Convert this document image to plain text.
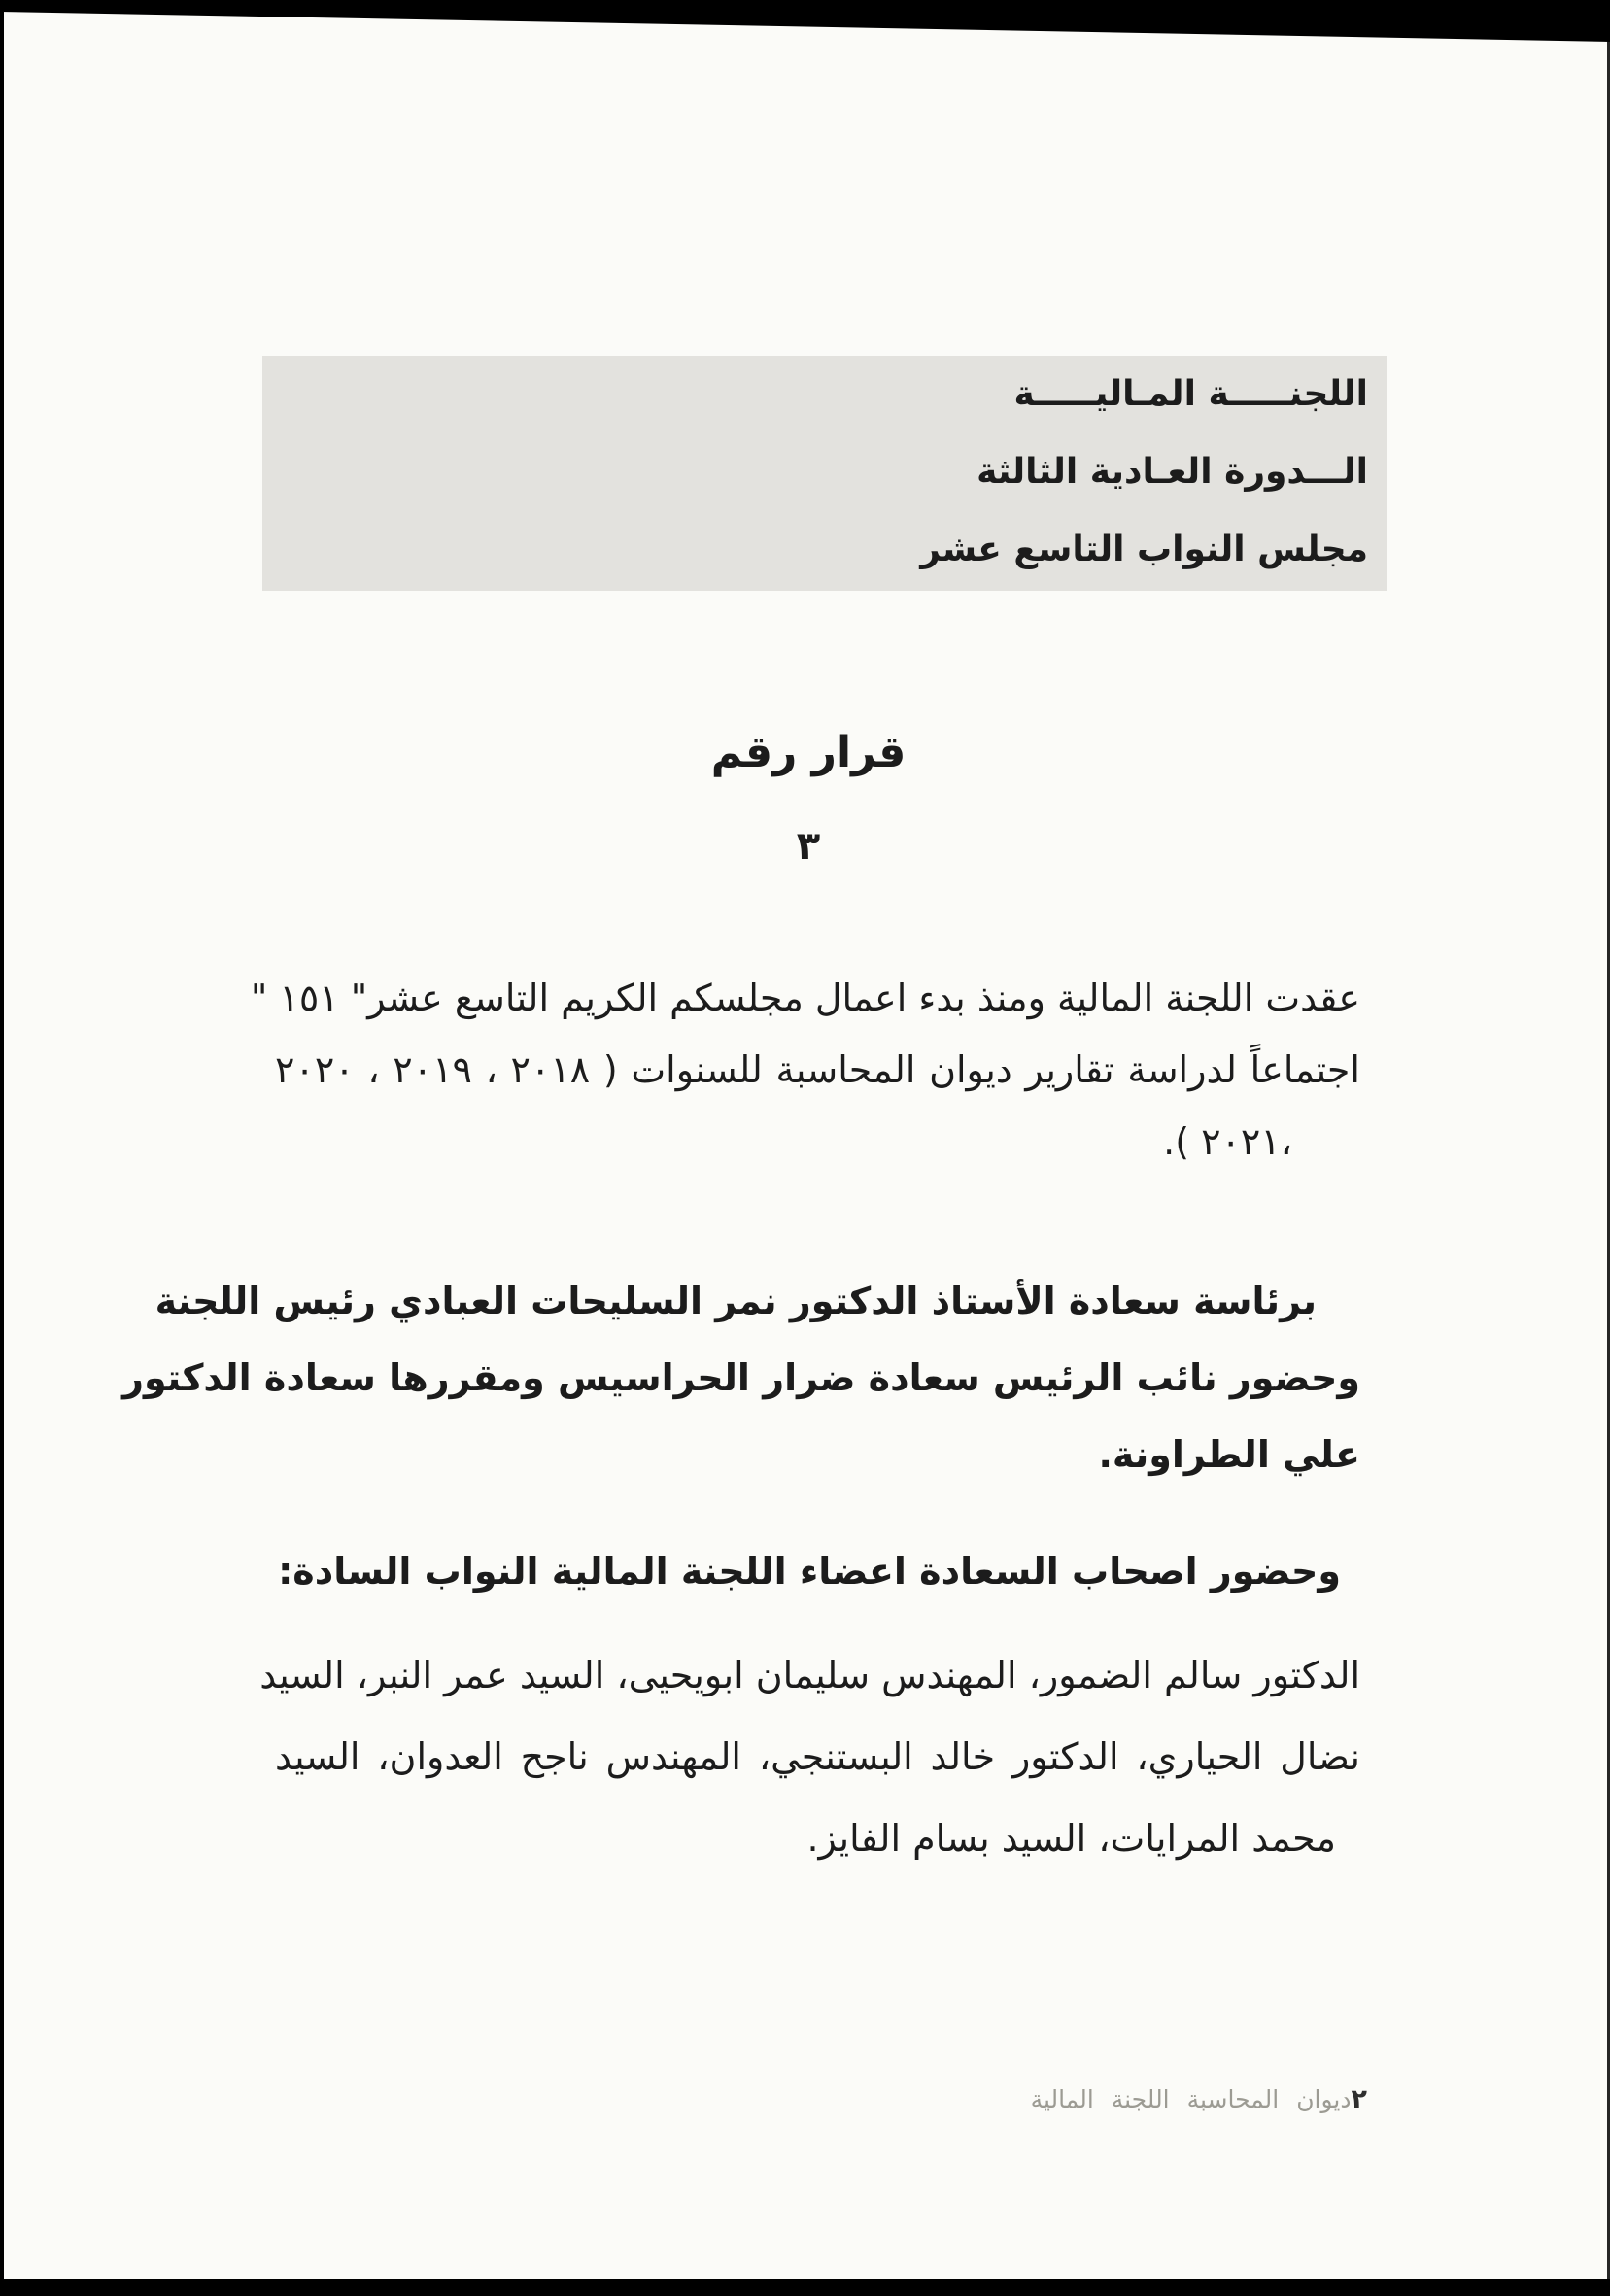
اللجنـــــة المـاليـــــة
الـــدورة العـادية الثالثة
مجلس النواب التاسع عشر
قرار رقم
٣
عقدت اللجنة المالية ومنذ بدء اعمال مجلسكم الكريم التاسع عشر" ١٥١ "
اجتماعاً لدراسة تقارير ديوان المحاسبة للسنوات ( ٢٠١٨ ، ٢٠١٩ ، ٢٠٢٠
،٢٠٢١ ).
برئاسة سعادة الأستاذ الدكتور نمر السليحات العبادي رئيس اللجنة
وحضور نائب الرئيس سعادة ضرار الحراسيس ومقررها سعادة الدكتور
علي الطراونة.
وحضور اصحاب السعادة اعضاء اللجنة المالية النواب السادة:
الدكتور سالم الضمور، المهندس سليمان ابويحيى، السيد عمر النبر، السيد
نضال الحياري، الدكتور خالد البستنجي، المهندس ناجح العدوان، السيد
محمد المرايات، السيد بسام الفايز.
٢ديوان المحاسبة اللجنة المالية
